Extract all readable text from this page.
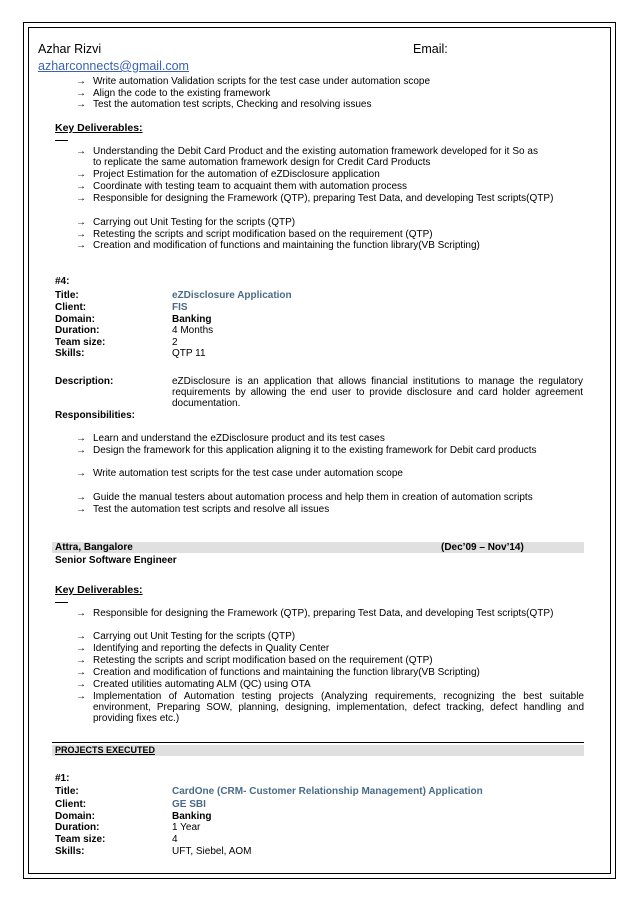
Azhar Rizvi	Email:
azharconnects@gmail.com
→ Write automation Validation scripts for the test case under automation scope
→ Align the code to the existing framework
→ Test the automation test scripts, Checking and resolving issues
Key Deliverables:
→ Understanding the Debit Card Product and the existing automation framework developed for it So as to replicate the same automation framework design for Credit Card Products
→ Project Estimation for the automation of eZDisclosure application
→ Coordinate with testing team to acquaint them with automation process
→ Responsible for designing the Framework (QTP), preparing Test Data, and developing Test scripts(QTP)
→ Carrying out Unit Testing for the scripts (QTP)
→ Retesting the scripts and script modification based on the requirement (QTP)
→ Creation and modification of functions and maintaining the function library(VB Scripting)
#4:
Title:	eZDisclosure Application
Client:	FIS
Domain:	Banking
Duration:	4 Months
Team size:	2
Skills:	QTP 11
Description:	eZDisclosure is an application that allows financial institutions to manage the regulatory requirements by allowing the end user to provide disclosure and card holder agreement documentation.
Responsibilities:
→ Learn and understand the eZDisclosure product and its test cases
→ Design the framework for this application aligning it to the existing framework for Debit card products
→ Write automation test scripts for the test case under automation scope
→ Guide the manual testers about automation process and help them in creation of automation scripts
→ Test the automation test scripts and resolve all issues
Attra, Bangalore	(Dec’09 – Nov’14)
Senior Software Engineer
Key Deliverables:
→ Responsible for designing the Framework (QTP), preparing Test Data, and developing Test scripts(QTP)
→ Carrying out Unit Testing for the scripts (QTP)
→ Identifying and reporting the defects in Quality Center
→ Retesting the scripts and script modification based on the requirement (QTP)
→ Creation and modification of functions and maintaining the function library(VB Scripting)
→ Created utilities automating ALM (QC) using OTA
→ Implementation of Automation testing projects (Analyzing requirements, recognizing the best suitable environment, Preparing SOW, planning, designing, implementation, defect tracking, defect handling and providing fixes etc.)
PROJECTS EXECUTED
#1:
Title:	CardOne (CRM- Customer Relationship Management) Application
Client:	GE SBI
Domain:	Banking
Duration:	1 Year
Team size:	4
Skills:	UFT, Siebel, AOM
